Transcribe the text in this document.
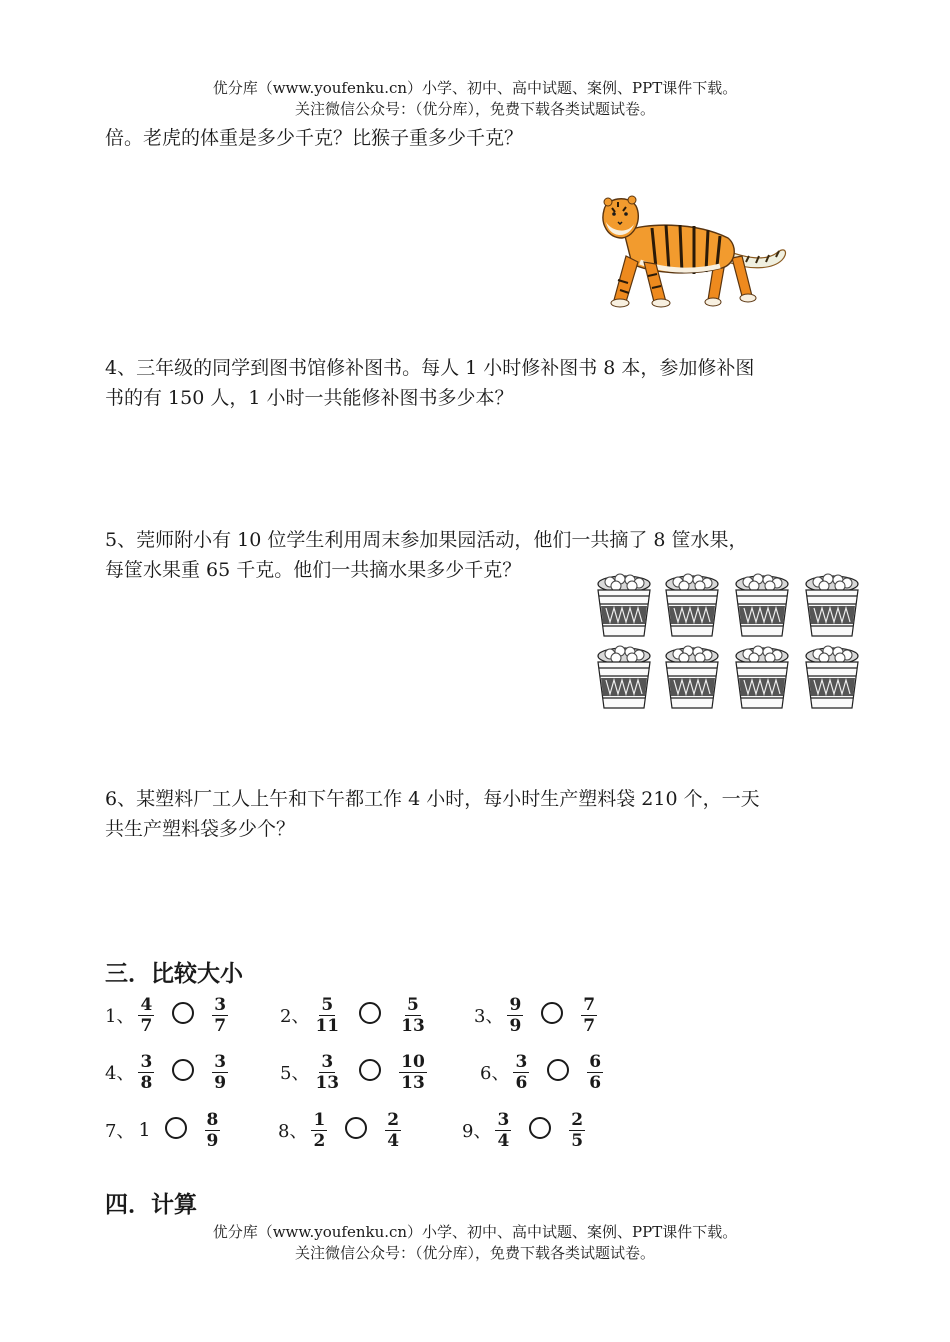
优分库（www.youfenku.cn）小学、初中、高中试题、案例、PPT课件下载。
关注微信公众号：（优分库），免费下载各类试题试卷。
倍。老虎的体重是多少千克？比猴子重多少千克？
4、三年级的同学到图书馆修补图书。每人 1 小时修补图书 8 本，参加修补图
书的有 150 人，1 小时一共能修补图书多少本？
5、莞师附小有 10 位学生利用周末参加果园活动，他们一共摘了 8 筐水果，
每筐水果重 65 千克。他们一共摘水果多少千克？
6、某塑料厂工人上午和下午都工作 4 小时，每小时生产塑料袋 210 个，一天
共生产塑料袋多少个？
三．比较大小
1、 $\frac{4}{7}$	$\frac{3}{7}$	2、 $\frac{5}{11}$	$\frac{5}{13}$	3、 $\frac{9}{9}$	$\frac{7}{7}$
4、 $\frac{3}{8}$	$\frac{3}{9}$	5、 $\frac{3}{13}$	$\frac{10}{13}$	6、 $\frac{3}{6}$	$\frac{6}{6}$
7、 1	$\frac{8}{9}$	8、 $\frac{1}{2}$	$\frac{2}{4}$	9、 $\frac{3}{4}$	$\frac{2}{5}$
四．计算
优分库（www.youfenku.cn）小学、初中、高中试题、案例、PPT课件下载。
关注微信公众号：（优分库），免费下载各类试题试卷。
